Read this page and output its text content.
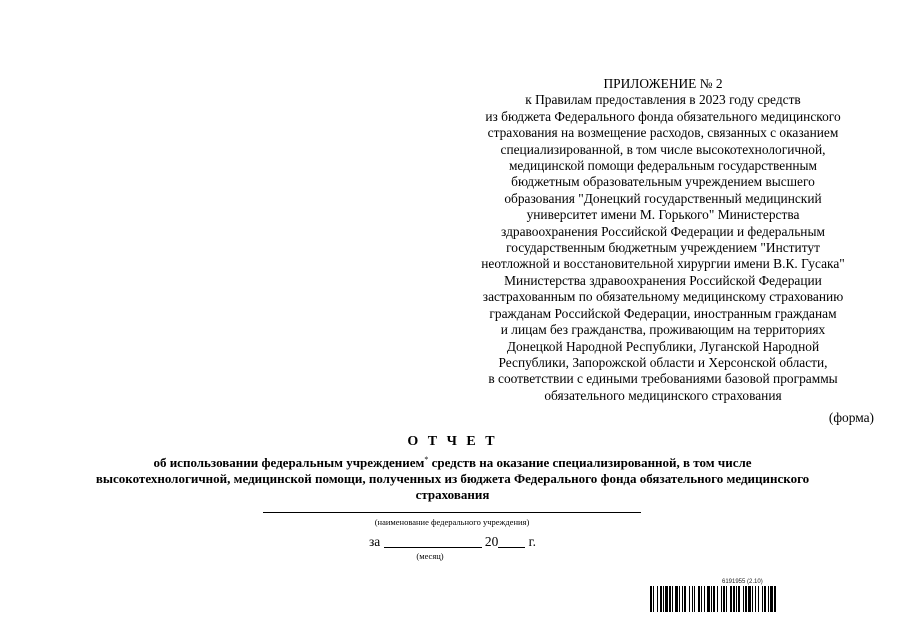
ПРИЛОЖЕНИЕ № 2
к Правилам предоставления в 2023 году средств
из бюджета Федерального фонда обязательного медицинского
страхования на возмещение расходов, связанных с оказанием
специализированной, в том числе высокотехнологичной,
медицинской помощи федеральным государственным
бюджетным образовательным учреждением высшего
образования "Донецкий государственный медицинский
университет имени М. Горького" Министерства
здравоохранения Российской Федерации и федеральным
государственным бюджетным учреждением "Институт
неотложной и восстановительной хирургии имени В.К. Гусака"
Министерства здравоохранения Российской Федерации
застрахованным по обязательному медицинскому страхованию
гражданам Российской Федерации, иностранным гражданам
и лицам без гражданства, проживающим на территориях
Донецкой Народной Республики, Луганской Народной
Республики, Запорожской области и Херсонской области,
в соответствии с едиными требованиями базовой программы
обязательного медицинского страхования
(форма)
О Т Ч Е Т
об использовании федеральным учреждением* средств на оказание специализированной, в том числе
высокотехнологичной, медицинской помощи, полученных из бюджета Федерального фонда обязательного медицинского
страхования
(наименование федерального учреждения)
за	20 г.
(месяц)
6191955 (2.10)
